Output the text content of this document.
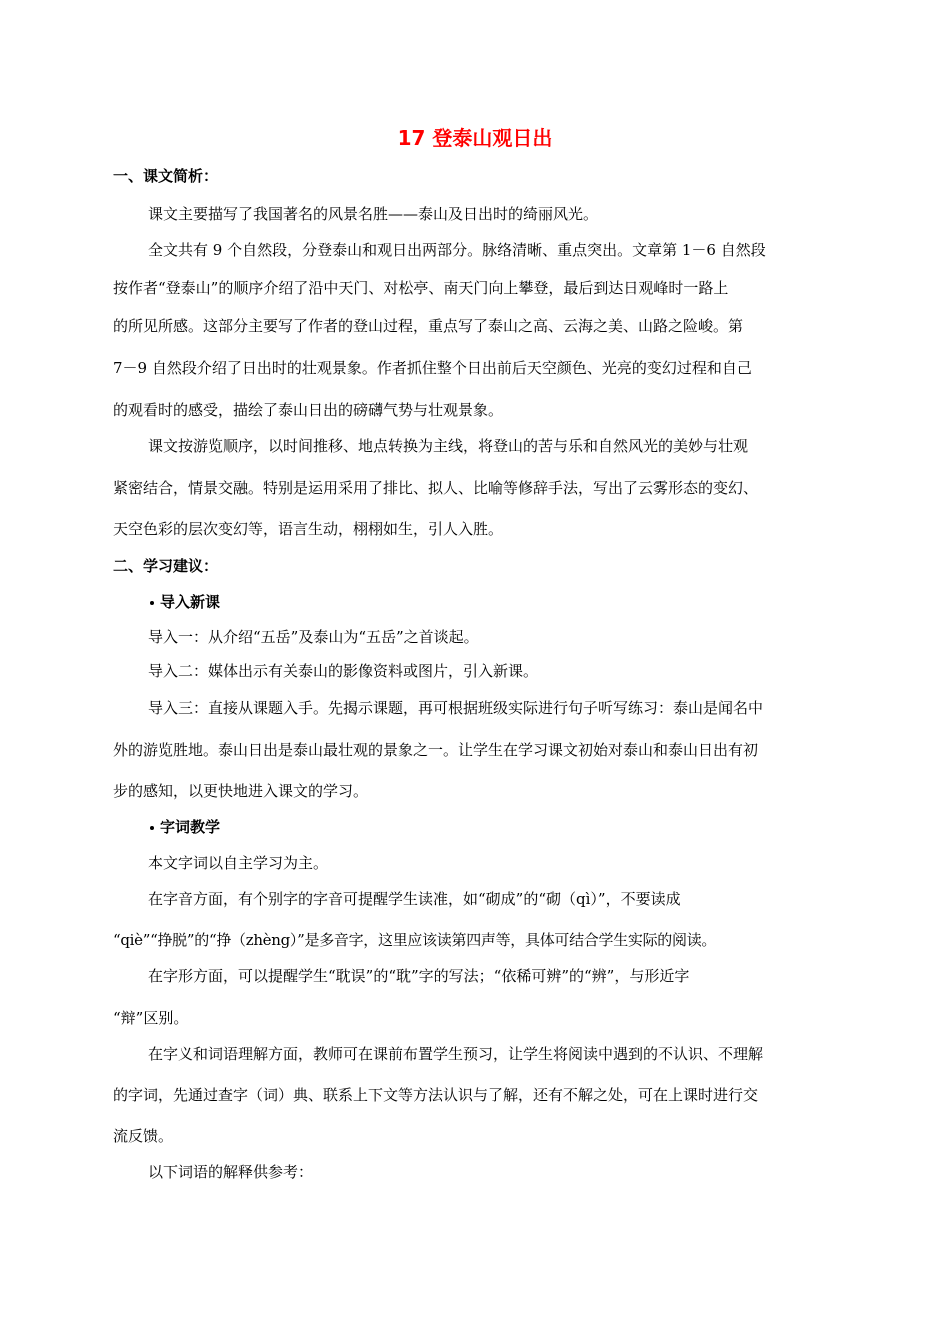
17 登泰山观日出
一、课文简析：
课文主要描写了我国著名的风景名胜——泰山及日出时的绮丽风光。
全文共有 9 个自然段，分登泰山和观日出两部分。脉络清晰、重点突出。文章第 1－6 自然段
按作者“登泰山”的顺序介绍了沿中天门、对松亭、南天门向上攀登，最后到达日观峰时一路上
的所见所感。这部分主要写了作者的登山过程，重点写了泰山之高、云海之美、山路之险峻。第
7－9 自然段介绍了日出时的壮观景象。作者抓住整个日出前后天空颜色、光亮的变幻过程和自己
的观看时的感受，描绘了泰山日出的磅礴气势与壮观景象。
课文按游览顺序，以时间推移、地点转换为主线，将登山的苦与乐和自然风光的美妙与壮观
紧密结合，情景交融。特别是运用采用了排比、拟人、比喻等修辞手法，写出了云雾形态的变幻、
天空色彩的层次变幻等，语言生动，栩栩如生，引人入胜。
二、学习建议：
导入新课
导入一：从介绍“五岳”及泰山为“五岳”之首谈起。
导入二：媒体出示有关泰山的影像资料或图片，引入新课。
导入三：直接从课题入手。先揭示课题，再可根据班级实际进行句子听写练习：泰山是闻名中
外的游览胜地。泰山日出是泰山最壮观的景象之一。让学生在学习课文初始对泰山和泰山日出有初
步的感知，以更快地进入课文的学习。
字词教学
本文字词以自主学习为主。
在字音方面，有个别字的字音可提醒学生读准，如“砌成”的“砌（qì）”，不要读成
“qiè”“挣脱”的“挣（zhèng）”是多音字，这里应该读第四声等，具体可结合学生实际的阅读。
在字形方面，可以提醒学生“耽误”的“耽”字的写法；“依稀可辨”的“辨”，与形近字
“辩”区别。
在字义和词语理解方面，教师可在课前布置学生预习，让学生将阅读中遇到的不认识、不理解
的字词，先通过查字（词）典、联系上下文等方法认识与了解，还有不解之处，可在上课时进行交
流反馈。
以下词语的解释供参考：
